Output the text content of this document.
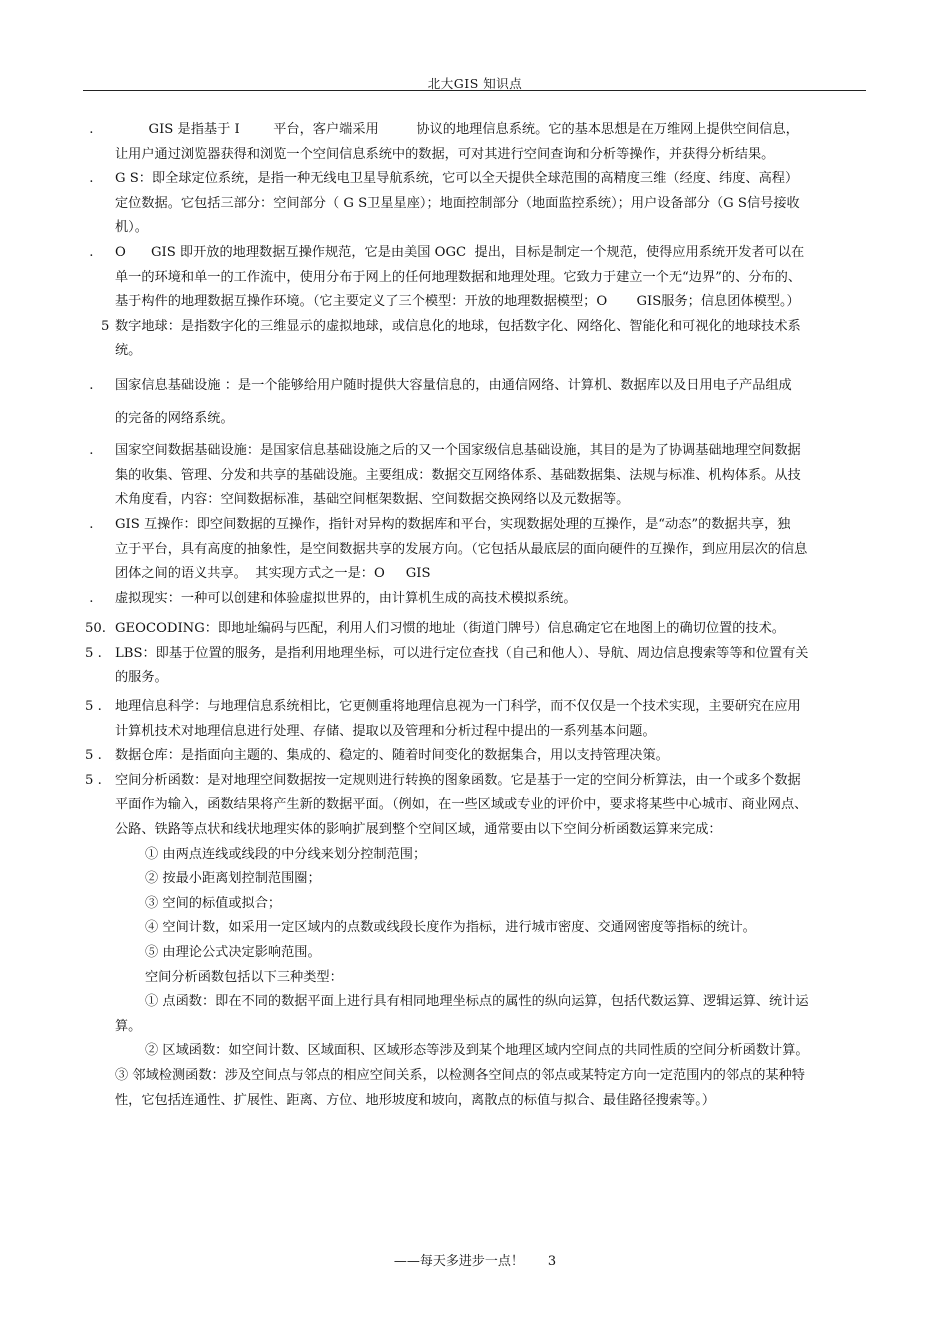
北大GIS 知识点
.	GIS 是指基于 I        平台，客户端采用         协议的地理信息系统。它的基本思想是在万维网上提供空间信息，
让用户通过浏览器获得和浏览一个空间信息系统中的数据，可对其进行空间查询和分析等操作，并获得分析结果。
.	G S：即全球定位系统，是指一种无线电卫星导航系统，它可以全天提供全球范围的高精度三维（经度、纬度、高程）
定位数据。它包括三部分：空间部分（ G S卫星星座）；地面控制部分（地面监控系统）；用户设备部分（G S信号接收
机）。
.	O      GIS 即开放的地理数据互操作规范，它是由美国 OGC  提出，目标是制定一个规范，使得应用系统开发者可以在
单一的环境和单一的工作流中，使用分布于网上的任何地理数据和地理处理。它致力于建立一个无“边界”的、分布的、
基于构件的地理数据互操作环境。（它主要定义了三个模型：开放的地理数据模型；O       GIS服务；信息团体模型。）
5 数字地球：是指数字化的三维显示的虚拟地球，或信息化的地球，包括数字化、网络化、智能化和可视化的地球技术系
统。
.	国家信息基础设施 ：是一个能够给用户随时提供大容量信息的，由通信网络、计算机、数据库以及日用电子产品组成
的完备的网络系统。
.	国家空间数据基础设施：是国家信息基础设施之后的又一个国家级信息基础设施，其目的是为了协调基础地理空间数据
集的收集、管理、分发和共享的基础设施。主要组成：数据交互网络体系、基础数据集、法规与标准、机构体系。从技
术角度看，内容：空间数据标准，基础空间框架数据、空间数据交换网络以及元数据等。
.	GIS 互操作：即空间数据的互操作，指针对异构的数据库和平台，实现数据处理的互操作，是“动态”的数据共享，独
立于平台，具有高度的抽象性，是空间数据共享的发展方向。（它包括从最底层的面向硬件的互操作，到应用层次的信息
团体之间的语义共享。  其实现方式之一是：O     GIS
.	虚拟现实：一种可以创建和体验虚拟世界的，由计算机生成的高技术模拟系统。
50. GEOCODING：即地址编码与匹配，利用人们习惯的地址（街道门牌号）信息确定它在地图上的确切位置的技术。
5 .	LBS：即基于位置的服务，是指利用地理坐标，可以进行定位查找（自己和他人）、导航、周边信息搜索等等和位置有关
的服务。
5 .	地理信息科学：与地理信息系统相比，它更侧重将地理信息视为一门科学，而不仅仅是一个技术实现，主要研究在应用
计算机技术对地理信息进行处理、存储、提取以及管理和分析过程中提出的一系列基本问题。
5 .	数据仓库：是指面向主题的、集成的、稳定的、随着时间变化的数据集合，用以支持管理决策。
5 .	空间分析函数：是对地理空间数据按一定规则进行转换的图象函数。它是基于一定的空间分析算法，由一个或多个数据
平面作为输入，函数结果将产生新的数据平面。（例如，在一些区域或专业的评价中，要求将某些中心城市、商业网点、
公路、铁路等点状和线状地理实体的影响扩展到整个空间区域，通常要由以下空间分析函数运算来完成：
① 由两点连线或线段的中分线来划分控制范围；
② 按最小距离划控制范围圈；
③ 空间的标值或拟合；
④ 空间计数，如采用一定区域内的点数或线段长度作为指标，进行城市密度、交通网密度等指标的统计。
⑤ 由理论公式决定影响范围。
空间分析函数包括以下三种类型：
① 点函数：即在不同的数据平面上进行具有相同地理坐标点的属性的纵向运算，包括代数运算、逻辑运算、统计运
算。
② 区域函数：如空间计数、区域面积、区域形态等涉及到某个地理区域内空间点的共同性质的空间分析函数计算。
③ 邻域检测函数：涉及空间点与邻点的相应空间关系，以检测各空间点的邻点或某特定方向一定范围内的邻点的某种特
性，它包括连通性、扩展性、距离、方位、地形坡度和坡向，离散点的标值与拟合、最佳路径搜索等。）
——每天多进步一点！ 3
